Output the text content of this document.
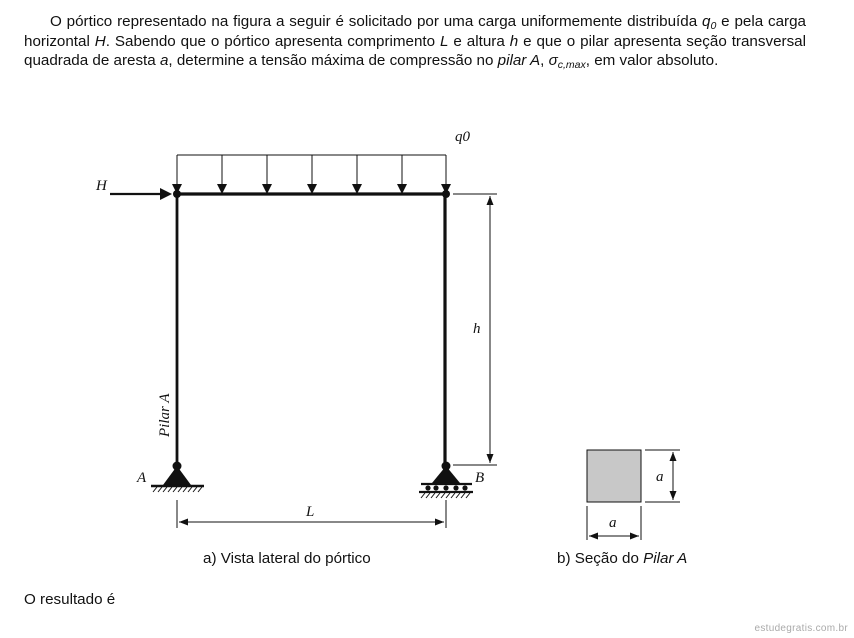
O pórtico representado na figura a seguir é solicitado por uma carga uniformemente distribuída $q_0$ e pela carga horizontal H. Sabendo que o pórtico apresenta comprimento L e altura h e que o pilar apresenta seção transversal quadrada de aresta a, determine a tensão máxima de compressão no pilar A, $\sigma_{c,max}$, em valor absoluto.

q0
H
A	B
Pilar A
h
L
a
a
a) Vista lateral do pórtico	b) Seção do Pilar A
O resultado é
estudegratis.com.br
